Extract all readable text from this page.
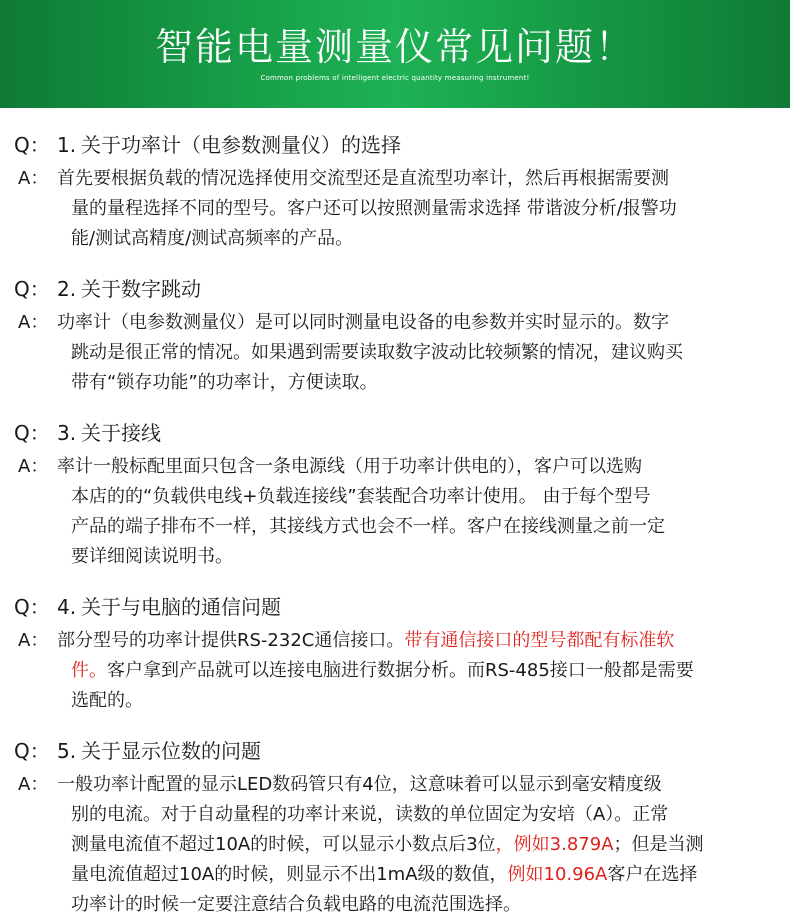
智能电量测量仪常见问题！
Common problems of intelligent electric quantity measuring instrument!
Q： 1. 关于功率计（电参数测量仪）的选择
A： 首先要根据负载的情况选择使用交流型还是直流型功率计，然后再根据需要测
量的量程选择不同的型号。客户还可以按照测量需求选择 带谐波分析/报警功
能/测试高精度/测试高频率的产品。
Q： 2. 关于数字跳动
A： 功率计（电参数测量仪）是可以同时测量电设备的电参数并实时显示的。数字
跳动是很正常的情况。如果遇到需要读取数字波动比较频繁的情况，建议购买
带有“锁存功能”的功率计，方便读取。
Q： 3. 关于接线
A： 率计一般标配里面只包含一条电源线（用于功率计供电的），客户可以选购
本店的的“负载供电线+负载连接线”套装配合功率计使用。 由于每个型号
产品的端子排布不一样，其接线方式也会不一样。客户在接线测量之前一定
要详细阅读说明书。
Q： 4. 关于与电脑的通信问题
A： 部分型号的功率计提供RS-232C通信接口。带有通信接口的型号都配有标准软
件。客户拿到产品就可以连接电脑进行数据分析。而RS-485接口一般都是需要
选配的。
Q： 5. 关于显示位数的问题
A： 一般功率计配置的显示LED数码管只有4位，这意味着可以显示到毫安精度级
别的电流。对于自动量程的功率计来说，读数的单位固定为安培（A）。正常
测量电流值不超过10A的时候，可以显示小数点后3位，例如3.879A；但是当测
量电流值超过10A的时候，则显示不出1mA级的数值，例如10.96A客户在选择
功率计的时候一定要注意结合负载电路的电流范围选择。
